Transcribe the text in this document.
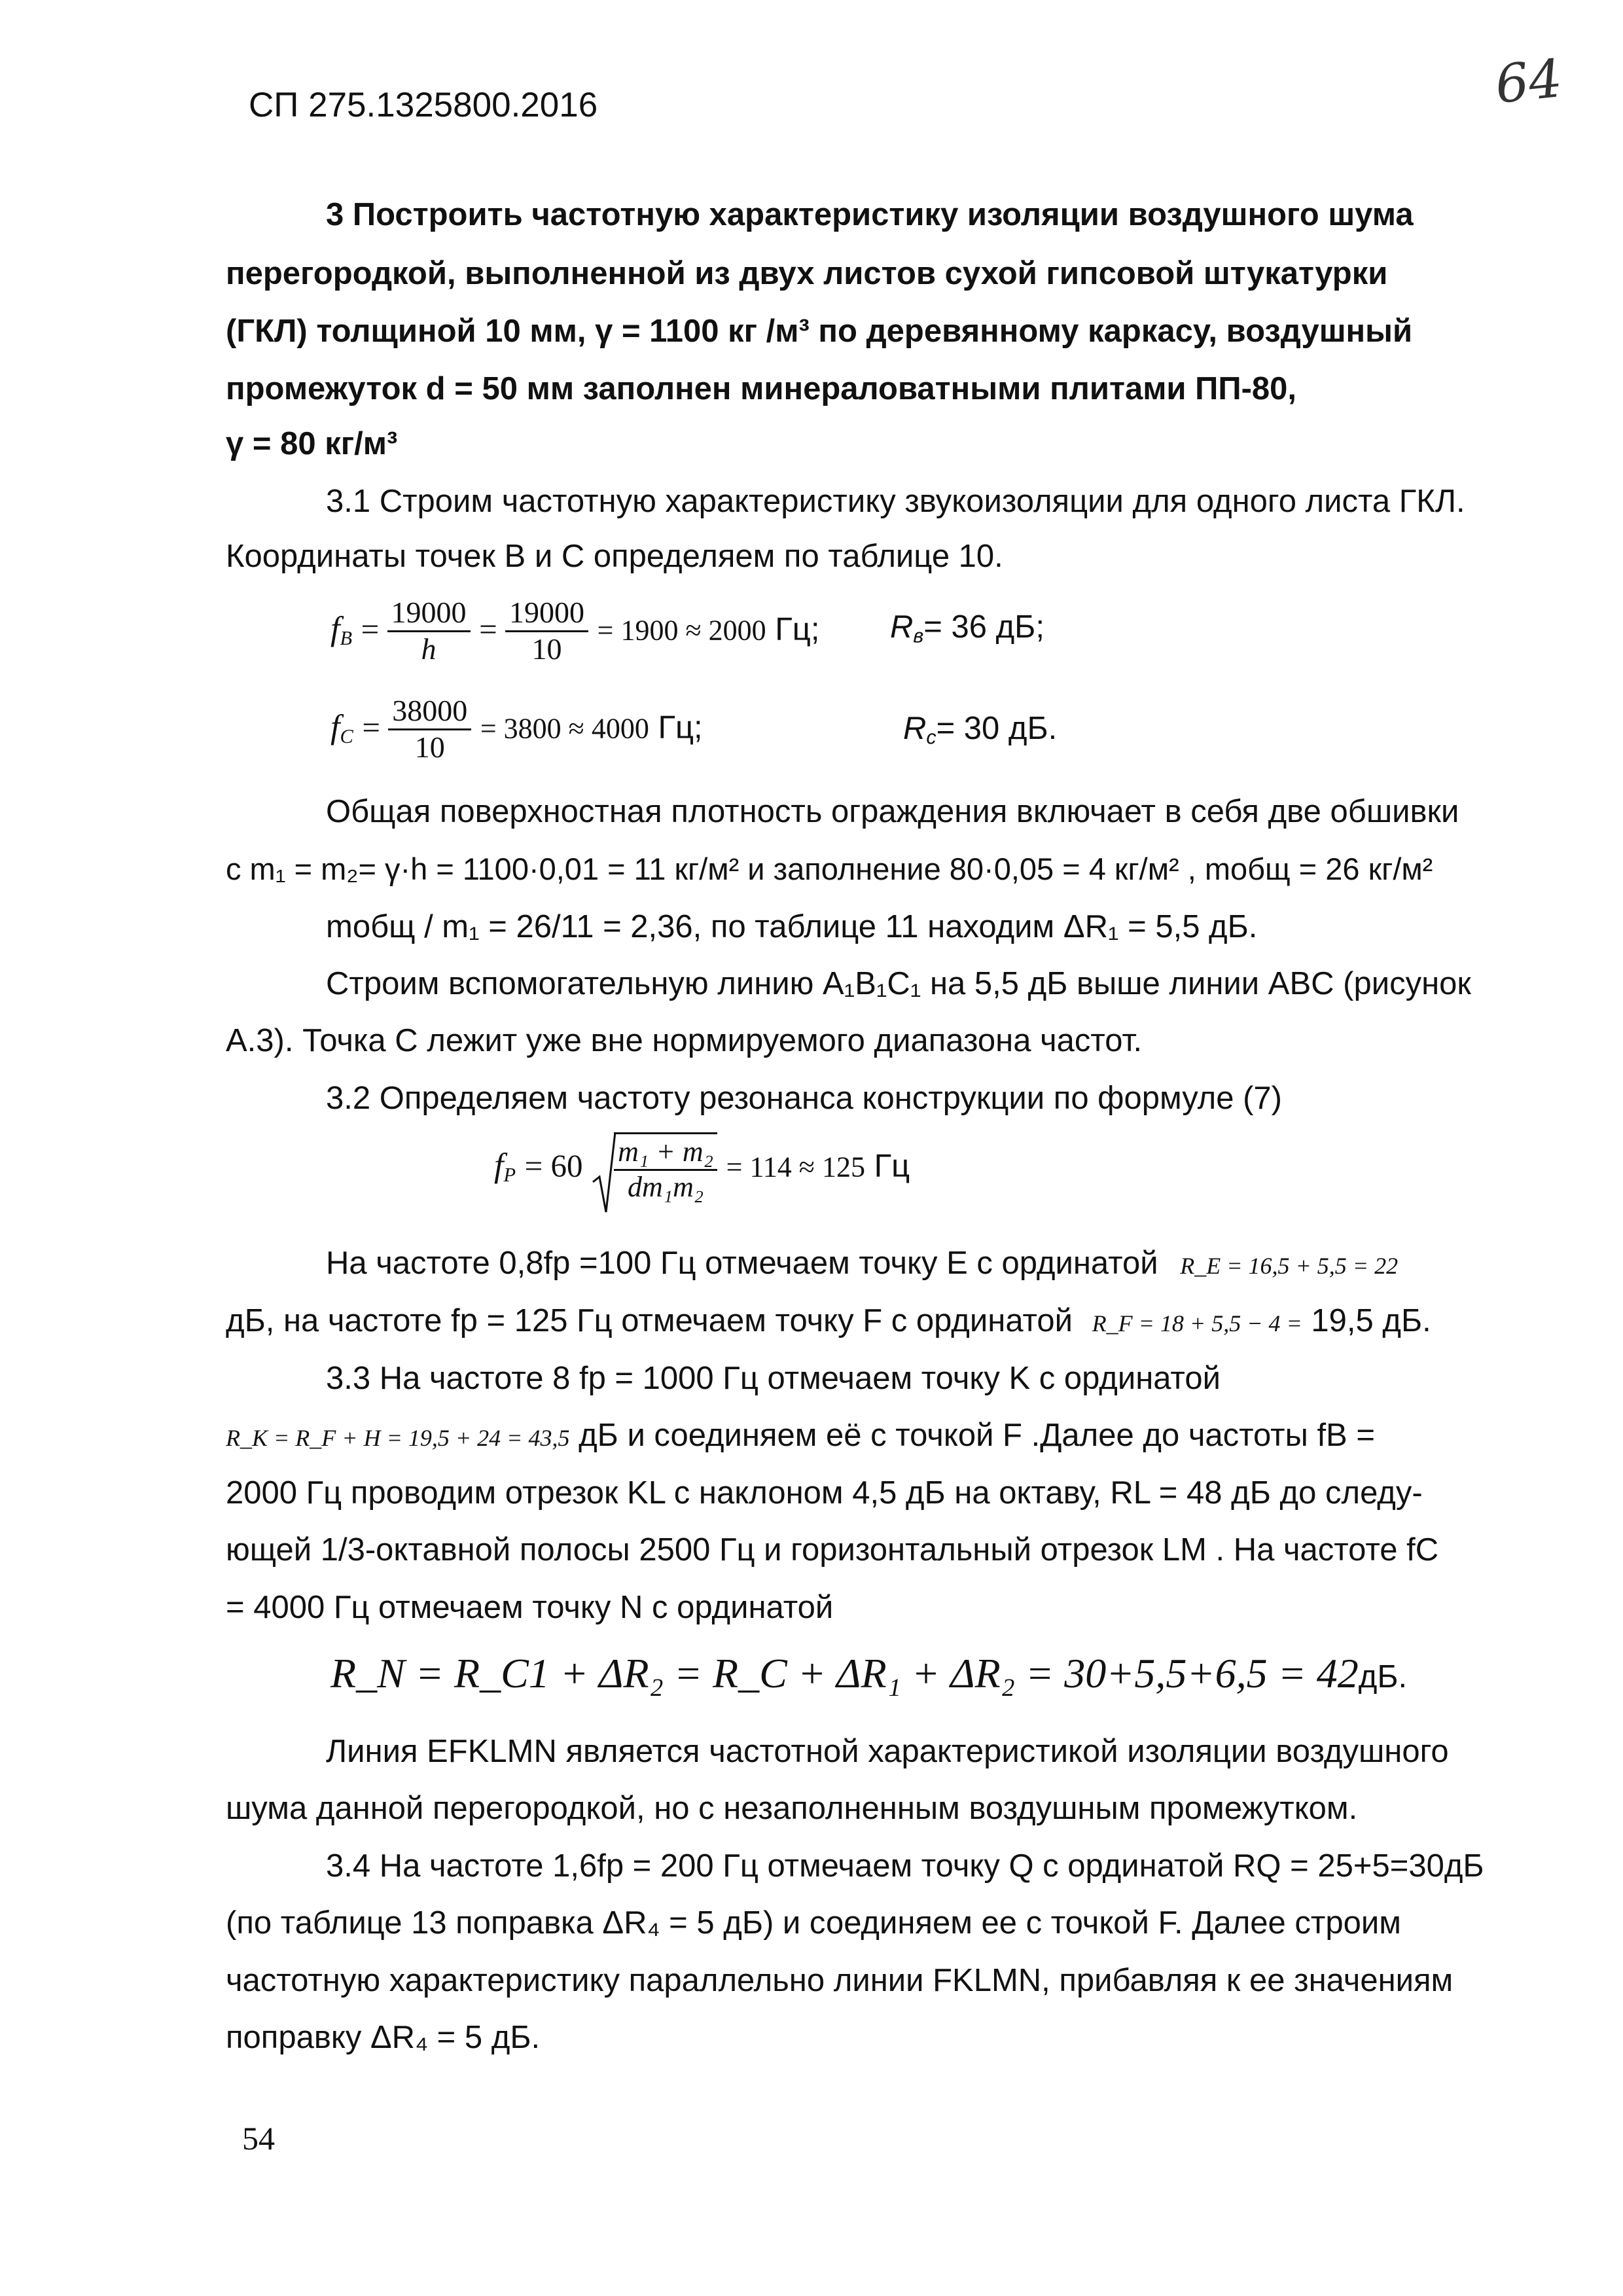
СП 275.1325800.2016	64
3 Построить частотную характеристику изоляции воздушного шума
перегородкой, выполненной из двух листов сухой гипсовой штукатурки
(ГКЛ) толщиной 10 мм, γ = 1100 кг /м³ по деревянному каркасу, воздушный
промежуток d = 50 мм заполнен минераловатными плитами ПП-80,
γ = 80 кг/м³
3.1 Строим частотную характеристику звукоизоляции для одного листа ГКЛ.
Координаты точек В и С определяем по таблице 10.
$f_B = \frac{19000}{h} = \frac{19000}{10} = 1900 \approx 2000$ Гц; $R_в= 36$ дБ;
$f_C = \frac{38000}{10} = 3800 \approx 4000$ Гц;	$R_c= 30$ дБ.
Общая поверхностная плотность ограждения включает в себя две обшивки
с m₁ = m₂= γ·h = 1100·0,01 = 11 кг/м² и заполнение 80·0,05 = 4 кг/м² , mобщ = 26 кг/м²
mобщ / m₁ = 26/11 = 2,36, по таблице 11 находим ΔR₁ = 5,5 дБ.
Строим вспомогательную линию A₁B₁C₁ на 5,5 дБ выше линии ABC (рисунок
А.3). Точка C лежит уже вне нормируемого диапазона частот.
3.2 Определяем частоту резонанса конструкции по формуле (7)
$f_P = 60 \frac{\text{m₁ + m₂}}{\text{dm₁m₂}} = 114 \approx 125$ Гц
На частоте 0,8fр =100 Гц отмечаем точку E с ординатой R_E = 16,5 + 5,5 = 22
дБ, на частоте fр = 125 Гц отмечаем точку F с ординатой R_F = 18 + 5,5 − 4 = 19,5 дБ.
3.3 На частоте 8 fр = 1000 Гц отмечаем точку K с ординатой
R_K = R_F + H = 19,5 + 24 = 43,5 дБ и соединяем её с точкой F .Далее до частоты fB =
2000 Гц проводим отрезок KL с наклоном 4,5 дБ на октаву, RL = 48 дБ до следу-
ющей 1/3-октавной полосы 2500 Гц и горизонтальный отрезок LM . На частоте fC
= 4000 Гц отмечаем точку N с ординатой
R_N = R_C1 + ΔR₂ = R_C + ΔR₁ + ΔR₂ = 30+5,5+6,5 = 42дБ.
Линия EFKLMN является частотной характеристикой изоляции воздушного
шума данной перегородкой, но с незаполненным воздушным промежутком.
3.4 На частоте 1,6fр = 200 Гц отмечаем точку Q с ординатой RQ = 25+5=30дБ
(по таблице 13 поправка ΔR₄ = 5 дБ) и соединяем ее с точкой F. Далее строим
частотную характеристику параллельно линии FKLMN, прибавляя к ее значениям
поправку ΔR₄ = 5 дБ.
54
